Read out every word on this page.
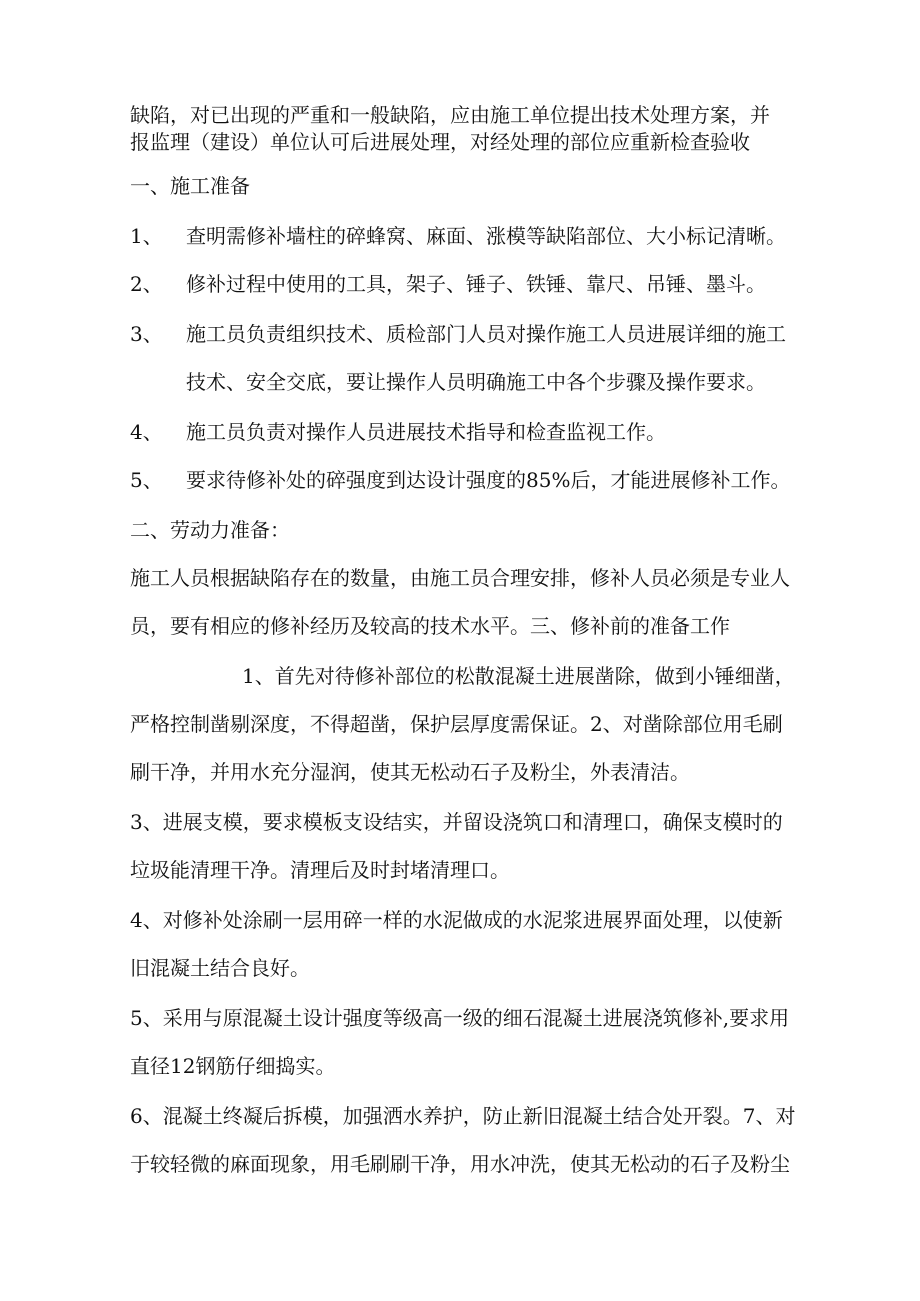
缺陷，对已出现的严重和一般缺陷，应由施工单位提出技术处理方案，并

报监理（建设）单位认可后进展处理，对经处理的部位应重新检查验收

一、施工准备

1、 查明需修补墙柱的碎蜂窝、麻面、涨模等缺陷部位、大小标记清晰。
2、 修补过程中使用的工具，架子、锤子、铁锤、靠尺、吊锤、墨斗。
3、 施工员负责组织技术、质检部门人员对操作施工人员进展详细的施工
技术、安全交底，要让操作人员明确施工中各个步骤及操作要求。
4、 施工员负责对操作人员进展技术指导和检查监视工作。
5、 要求待修补处的碎强度到达设计强度的85%后，才能进展修补工作。

二、劳动力准备：

施工人员根据缺陷存在的数量，由施工员合理安排，修补人员必须是专业人

员，要有相应的修补经历及较高的技术水平。三、修补前的准备工作

1、首先对待修补部位的松散混凝土进展凿除，做到小锤细凿，

严格控制凿剔深度，不得超凿，保护层厚度需保证。2、对凿除部位用毛刷

刷干净，并用水充分湿润，使其无松动石子及粉尘，外表清洁。

3、进展支模，要求模板支设结实，并留设浇筑口和清理口，确保支模时的

垃圾能清理干净。清理后及时封堵清理口。

4、对修补处涂刷一层用碎一样的水泥做成的水泥浆进展界面处理，以使新

旧混凝土结合良好。

5、采用与原混凝土设计强度等级高一级的细石混凝土进展浇筑修补,要求用

直径12钢筋仔细捣实。

6、混凝土终凝后拆模，加强洒水养护，防止新旧混凝土结合处开裂。7、对

于较轻微的麻面现象，用毛刷刷干净，用水冲洗，使其无松动的石子及粉尘
